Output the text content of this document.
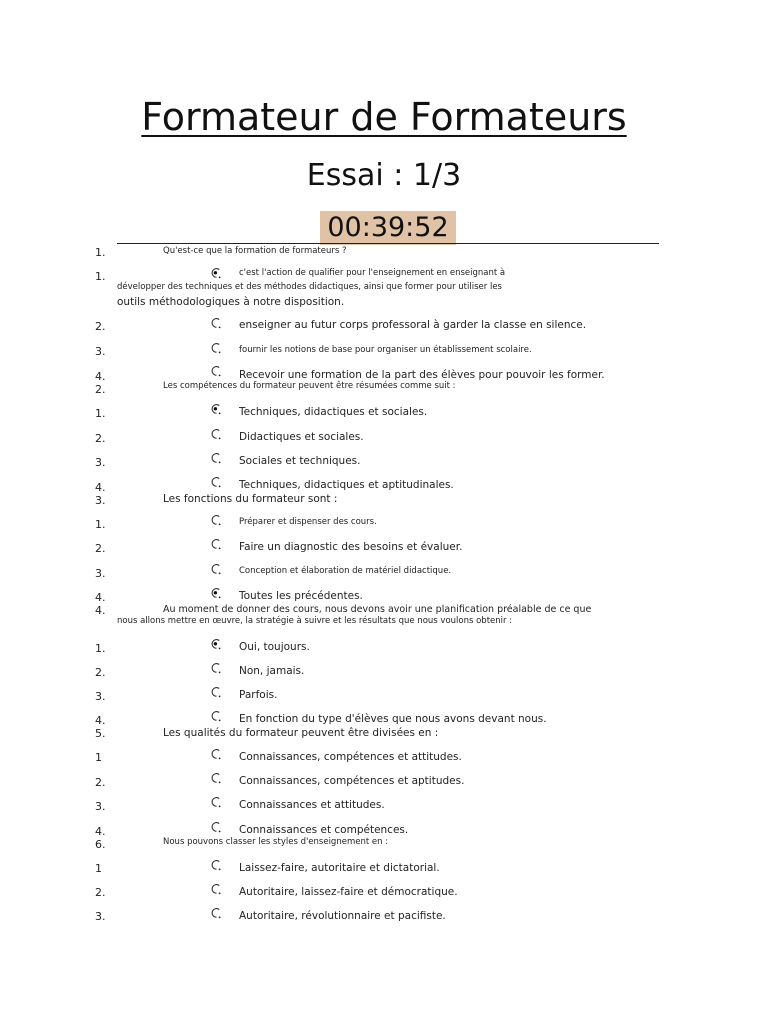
Formateur de Formateurs
Essai : 1/3
00:39:52
1.	Qu'est-ce que la formation de formateurs ?
1.	c'est l'action de qualifier pour l'enseignement en enseignant à
développer des techniques et des méthodes didactiques, ainsi que former pour utiliser les
outils méthodologiques à notre disposition.
2.	enseigner au futur corps professoral à garder la classe en silence.
3.	fournir les notions de base pour organiser un établissement scolaire.
4.	Recevoir une formation de la part des élèves pour pouvoir les former.
2.	Les compétences du formateur peuvent être résumées comme suit :
1.	Techniques, didactiques et sociales.
2.	Didactiques et sociales.
3.	Sociales et techniques.
4.	Techniques, didactiques et aptitudinales.
3.	Les fonctions du formateur sont :
1.	Préparer et dispenser des cours.
2.	Faire un diagnostic des besoins et évaluer.
3.	Conception et élaboration de matériel didactique.
4.	Toutes les précédentes.
4.	Au moment de donner des cours, nous devons avoir une planification préalable de ce que
nous allons mettre en œuvre, la stratégie à suivre et les résultats que nous voulons obtenir :
1.	Oui, toujours.
2.	Non, jamais.
3.	Parfois.
4.	En fonction du type d'élèves que nous avons devant nous.
5.	Les qualités du formateur peuvent être divisées en :
1	Connaissances, compétences et attitudes.
2.	Connaissances, compétences et aptitudes.
3.	Connaissances et attitudes.
4.	Connaissances et compétences.
6.	Nous pouvons classer les styles d'enseignement en :
1	Laissez-faire, autoritaire et dictatorial.
2.	Autoritaire, laissez-faire et démocratique.
3.	Autoritaire, révolutionnaire et pacifiste.
